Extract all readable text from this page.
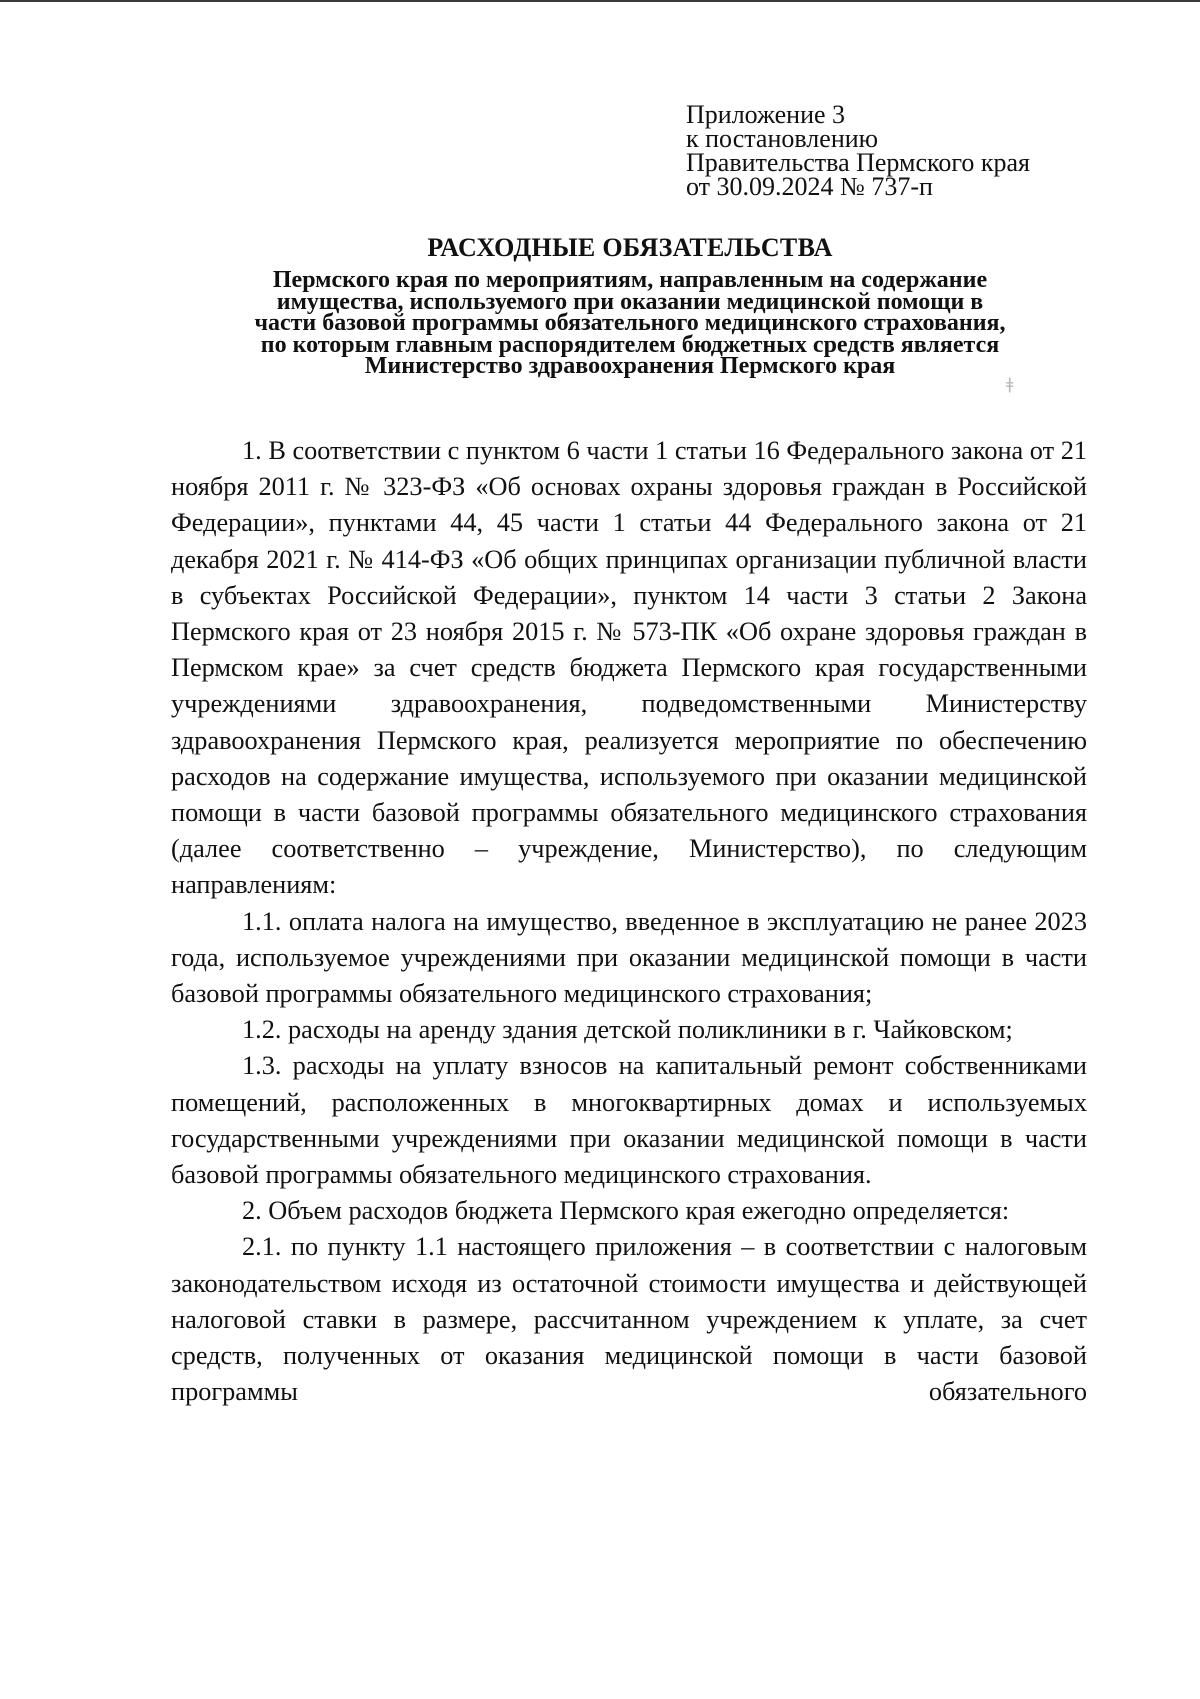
Приложение 3
к постановлению
Правительства Пермского края
от 30.09.2024 № 737-п
РАСХОДНЫЕ ОБЯЗАТЕЛЬСТВА
Пермского края по мероприятиям, направленным на содержание
имущества, используемого при оказании медицинской помощи в
части базовой программы обязательного медицинского страхования,
по которым главным распорядителем бюджетных средств является
Министерство здравоохранения Пермского края
ǂ

1. В соответствии с пунктом 6 части 1 статьи 16 Федерального закона от 21 ноября 2011 г. № 323-ФЗ «Об основах охраны здоровья граждан в Российской Федерации», пунктами 44, 45 части 1 статьи 44 Федерального закона от 21 декабря 2021 г. № 414-ФЗ «Об общих принципах организации публичной власти в субъектах Российской Федерации», пунктом 14 части 3 статьи 2 Закона Пермского края от 23 ноября 2015 г. № 573-ПК «Об охране здоровья граждан в Пермском крае» за счет средств бюджета Пермского края государственными учреждениями здравоохранения, подведомственными Министерству здравоохранения Пермского края, реализуется мероприятие по обеспечению расходов на содержание имущества, используемого при оказании медицинской помощи в части базовой программы обязательного медицинского страхования (далее соответственно – учреждение, Министерство), по следующим направлениям:

1.1. оплата налога на имущество, введенное в эксплуатацию не ранее 2023 года, используемое учреждениями при оказании медицинской помощи в части базовой программы обязательного медицинского страхования;

1.2. расходы на аренду здания детской поликлиники в г. Чайковском;

1.3. расходы на уплату взносов на капитальный ремонт собственниками помещений, расположенных в многоквартирных домах и используемых государственными учреждениями при оказании медицинской помощи в части базовой программы обязательного медицинского страхования.

2. Объем расходов бюджета Пермского края ежегодно определяется:

2.1. по пункту 1.1 настоящего приложения – в соответствии с налоговым законодательством исходя из остаточной стоимости имущества и действующей налоговой ставки в размере, рассчитанном учреждением к уплате, за счет средств, полученных от оказания медицинской помощи в части базовой программы обязательного
